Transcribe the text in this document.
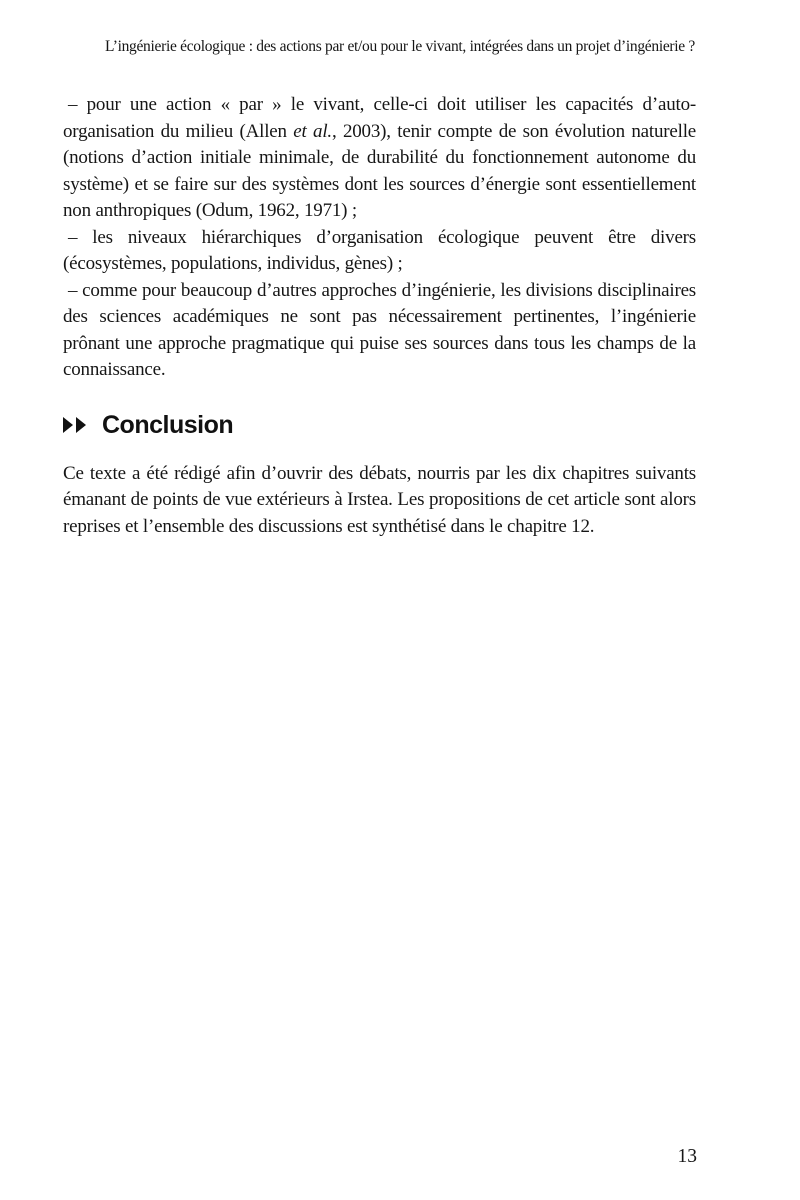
L’ingénierie écologique : des actions par et/ou pour le vivant, intégrées dans un projet d’ingénierie ?

– pour une action « par » le vivant, celle-ci doit utiliser les capacités d’auto-organisation du milieu (Allen et al., 2003), tenir compte de son évolution naturelle (notions d’action initiale minimale, de durabilité du fonctionnement autonome du système) et se faire sur des systèmes dont les sources d’énergie sont essentiellement non anthropiques (Odum, 1962, 1971) ;

– les niveaux hiérarchiques d’organisation écologique peuvent être divers (écosystèmes, populations, individus, gènes) ;

– comme pour beaucoup d’autres approches d’ingénierie, les divisions disciplinaires des sciences académiques ne sont pas nécessairement pertinentes, l’ingénierie prônant une approche pragmatique qui puise ses sources dans tous les champs de la connaissance.

Conclusion

Ce texte a été rédigé afin d’ouvrir des débats, nourris par les dix chapitres suivants émanant de points de vue extérieurs à Irstea. Les propositions de cet article sont alors reprises et l’ensemble des discussions est synthétisé dans le chapitre 12.

13
